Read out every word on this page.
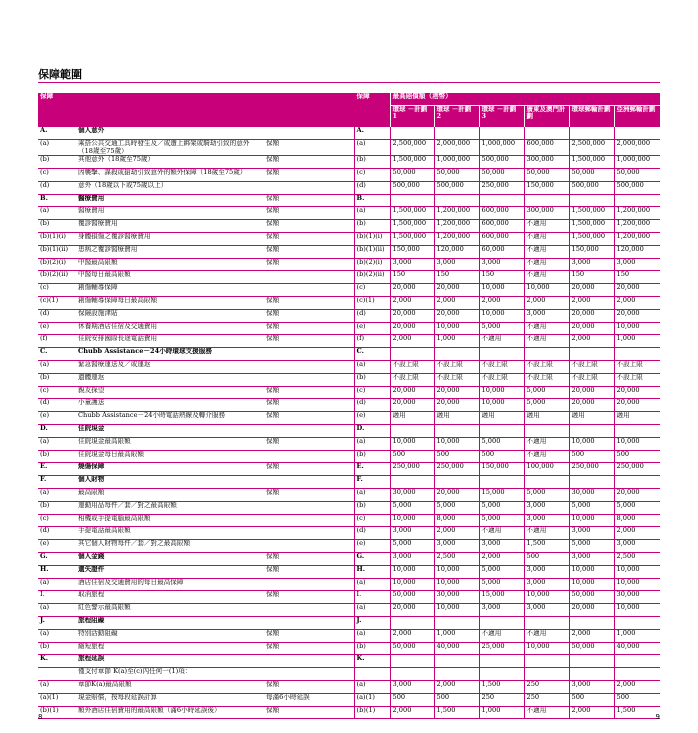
保障範圍
保障			保障	最高賠償額（港幣）					
				環球 －計劃 1	環球 －計劃 2	環球 －計劃 3	廣東及澳門計劃	環球郵輪計劃	亞洲郵輪計劃
A.	個人意外		A.						
(a)	乘搭公共交通工具時發生及／或遭上綁架或騎劫引致的意外（18歲至75歲）	保額	(a)	2,500,000	2,000,000	1,000,000	600,000	2,500,000	2,000,000
(b)	其他意外（18歲至75歲）	保額	(b)	1,500,000	1,000,000	500,000	300,000	1,500,000	1,000,000
(c)	因襲擊、謀殺或搶劫引致意外的額外保障（18歲至75歲）	保額	(c)	50,000	50,000	50,000	50,000	50,000	50,000
(d)	意外（18歲以下或75歲以上）		(d)	500,000	500,000	250,000	150,000	500,000	500,000
B.	醫療費用	保額	B.						
(a)	醫療費用	保額	(a)	1,500,000	1,200,000	600,000	300,000	1,500,000	1,200,000
(b)	覆診醫療費用	保額	(b)	1,500,000	1,200,000	600,000	不適用	1,500,000	1,200,000
(b)(1)(i)	身體損傷之覆診醫療費用	保額	(b)(1)(i)	1,500,000	1,200,000	600,000	不適用	1,500,000	1,200,000
(b)(1)(ii)	患病之覆診醫療費用	保額	(b)(1)(ii)	150,000	120,000	60,000	不適用	150,000	120,000
(b)(2)(i)	中醫最高限額	保額	(b)(2)(i)	3,000	3,000	3,000	不適用	3,000	3,000
(b)(2)(ii)	中醫每日最高限額		(b)(2)(ii)	150	150	150	不適用	150	150
(c)	創傷輔導保障		(c)	20,000	20,000	10,000	10,000	20,000	20,000
(c)(1)	創傷輔導保障每日最高限額	保額	(c)(1)	2,000	2,000	2,000	2,000	2,000	2,000
(d)	保險設施津貼	保額	(d)	20,000	20,000	10,000	3,000	20,000	20,000
(e)	休養期酒店住宿及交通費用	保額	(e)	20,000	10,000	5,000	不適用	20,000	10,000
(f)	住院安排國際長途電話費用	保額	(f)	2,000	1,000	不適用	不適用	2,000	1,000
C.	Chubb Assistance－24小時環球支援服務		C.						
(a)	緊急醫療運送及／或運返		(a)	不設上限	不設上限	不設上限	不設上限	不設上限	不設上限
(b)	遺體運返		(b)	不設上限	不設上限	不設上限	不設上限	不設上限	不設上限
(c)	親友探望	保額	(c)	20,000	20,000	10,000	5,000	20,000	20,000
(d)	小童護送	保額	(d)	20,000	20,000	10,000	5,000	20,000	20,000
(e)	Chubb Assistance－24小時電話熱線及轉介服務	保額	(e)	適用	適用	適用	適用	適用	適用
D.	住院現金		D.						
(a)	住院現金最高限額	保額	(a)	10,000	10,000	5,000	不適用	10,000	10,000
(b)	住院現金每日最高限額		(b)	500	500	500	不適用	500	500
E.	燒傷保障	保額	E.	250,000	250,000	150,000	100,000	250,000	250,000
F.	個人財物		F.						
(a)	最高限額	保額	(a)	30,000	20,000	15,000	5,000	30,000	20,000
(b)	運動用品每件／套／對之最高限額		(b)	5,000	5,000	5,000	3,000	5,000	5,000
(c)	相機或手提電腦最高限額		(c)	10,000	8,000	5,000	3,000	10,000	8,000
(d)	手提電話最高限額		(d)	3,000	2,000	不適用	不適用	3,000	2,000
(e)	其它個人財物每件／套／對之最高限額		(e)	5,000	3,000	3,000	1,500	5,000	3,000
G.	個人金錢	保額	G.	3,000	2,500	2,000	500	3,000	2,500
H.	遺失證件	保額	H.	10,000	10,000	5,000	3,000	10,000	10,000
(a)	酒店住宿及交通費用的每日最高保障		(a)	10,000	10,000	5,000	3,000	10,000	10,000
I.	取消旅程	保額	I.	50,000	30,000	15,000	10,000	50,000	30,000
(a)	紅色警示最高限額		(a)	20,000	10,000	3,000	3,000	20,000	10,000
J.	旅程阻礙		J.						
(a)	特別活動阻礙	保額	(a)	2,000	1,000	不適用	不適用	2,000	1,000
(b)	縮短旅程	保額	(b)	50,000	40,000	25,000	10,000	50,000	40,000
K.	旅程延誤		K.						
	僅支付章節 K(a)至(c)內任何一(1)項：								
(a)	章節K(a)最高限額	保額	(a)	3,000	2,000	1,500	250	3,000	2,000
(a)(1)	現金賠償，按每段延誤計算	每滿6小時延誤	(a)(1)	500	500	250	250	500	500
(b)(1)	額外酒店住宿費用的最高限額（滿6小時延誤後）	保額	(b)(1)	2,000	1,500	1,000	不適用	2,000	1,500
8	9
